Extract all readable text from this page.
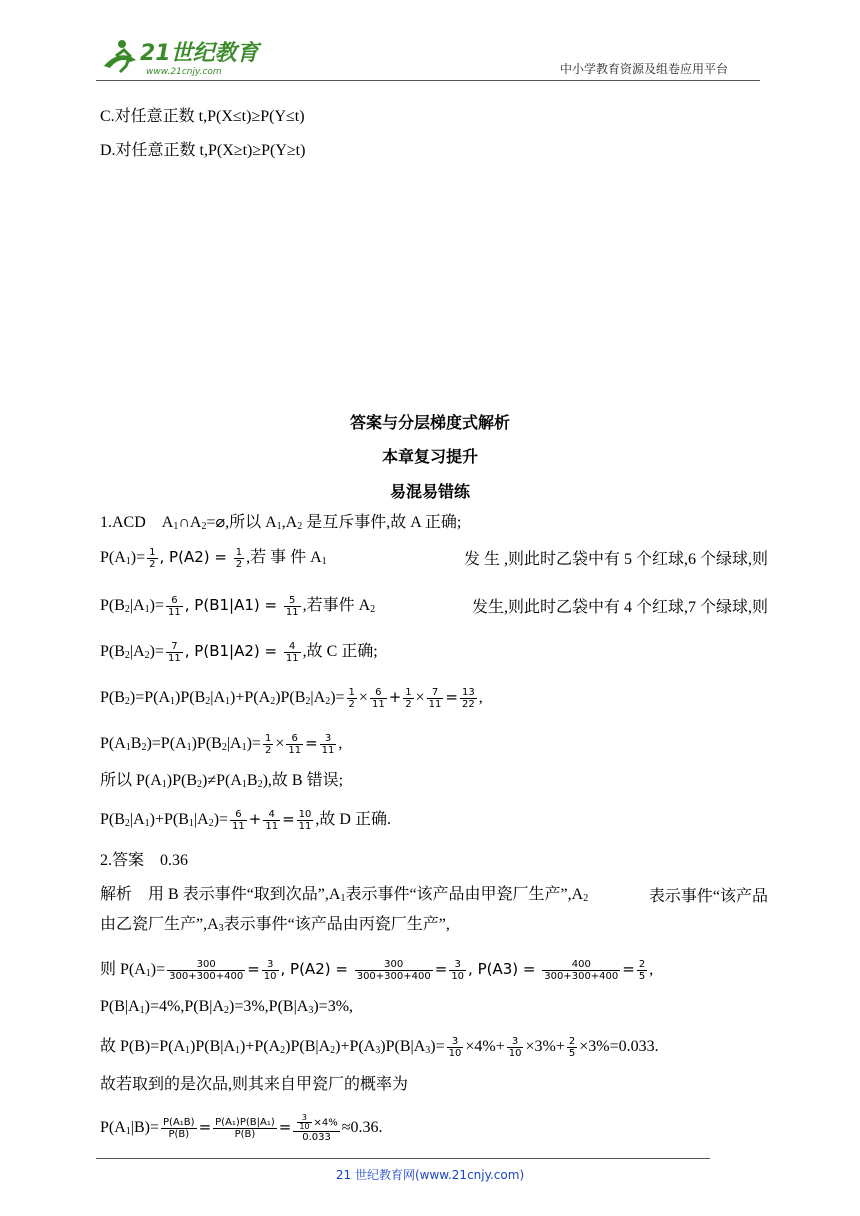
21世纪教育
www.21cnjy.com	中小学教育资源及组卷应用平台
C.对任意正数 t,P(X≤t)≥P(Y≤t)
D.对任意正数 t,P(X≥t)≥P(Y≥t)
答案与分层梯度式解析
本章复习提升
易混易错练
1.ACD    $A_1\cap A_2=⌀$,所以 $A_1,A_2$ 是互斥事件,故 A 正确;
$P(A_1)= \frac{1}{2}$ , $P(A2) = \frac{1}{2}$ ,若 事 件 $A_1$	发 生 ,则此时乙袋中有 5 个红球,6 个绿球,则
$P(B_2|A_1)= \frac{6}{11}$ , $P(B1|A1) = \frac{5}{11}$ ,若事件 $A_2$	发生,则此时乙袋中有 4 个红球,7 个绿球,则
$P(B_2|A_2)= \frac{7}{11}$ , $P(B1|A2) = \frac{4}{11}$ ,故 C 正确;
$P(B_2)=P(A_1)P(B_2|A_1)+P(A_2)P(B_2|A_2)= \frac{1}{2} \times \frac{6}{11} + \frac{1}{2} \times \frac{7}{11} = \frac{13}{22}$ ,
$P(A_1B_2)=P(A_1)P(B_2|A_1)= \frac{1}{2} \times \frac{6}{11} = \frac{3}{11}$ ,
所以 $P(A_1)P(B_2)\ne P(A_1B_2)$,故 B 错误;
$P(B_2|A_1)+P(B_1|A_2)= \frac{6}{11} + \frac{4}{11} = \frac{10}{11}$ ,故 D 正确.
2.答案 0.36
解析 用 B 表示事件“取到次品$”,A_1$表示事件“该产品由甲瓷厂生产$”,A_2$	表示事件“该产品
由乙瓷厂生产$”,A_3$表示事件“该产品由丙瓷厂生产”,
则 $P(A_1)= \frac{300}{300+300+400} = \frac{3}{10}$ , $P(A2) = \frac{300}{300+300+400} = \frac{3}{10}$ , $P(A3) = \frac{400}{300+300+400} = \frac{2}{5}$ ,
$P(B|A_1)=4\%,P(B|A_2)=3\%,P(B|A_3)=3\%$,
故 $P(B)=P(A_1)P(B|A_1)+P(A_2)P(B|A_2)+P(A_3)P(B|A_3)= \frac{3}{10} \times 4\%+ \frac{3}{10} \times 3\%+ \frac{2}{5} \times 3\%=0.033$.
故若取到的是次品,则其来自甲瓷厂的概率为
$P(A_1|B)= \frac{\text{P(A₁B)}}{P(B)} = \frac{\text{P(A₁)P(B|A₁)}}{P(B)} = \frac{\frac{3}{10} \times 4\%}{0.033} \approx 0.36$.
21 世纪教育网(www.21cnjy.com)
